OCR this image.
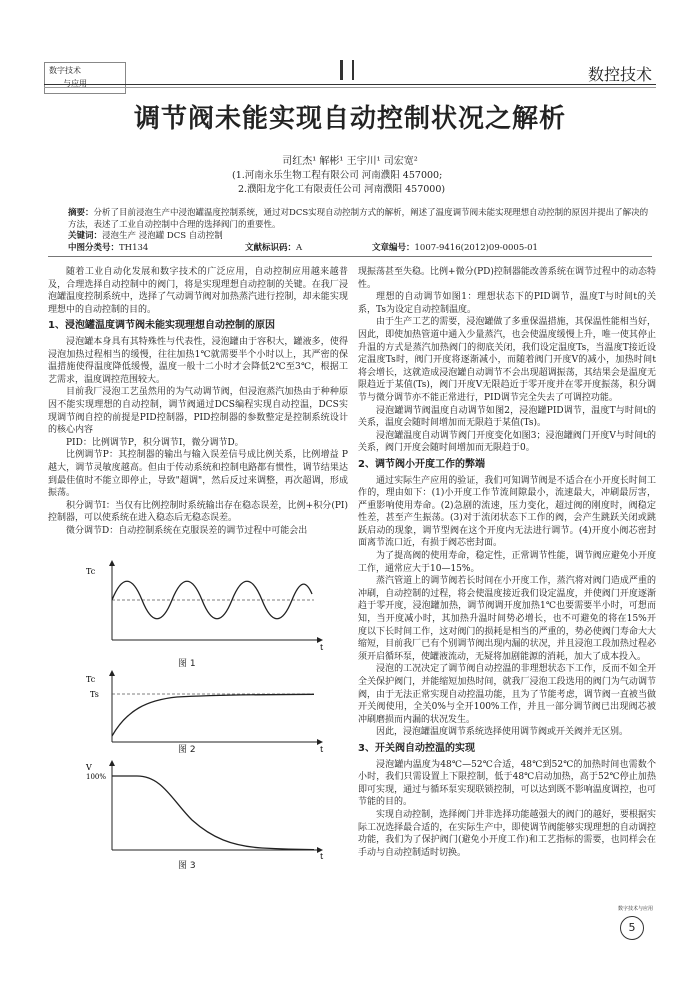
数字技术	数控技术
调节阀未能实现自动控制状况之解析
司红杰¹ 解彬¹ 王宇川¹ 司宏宽²
(1.河南永乐生物工程有限公司 河南濮阳 457000;
2.濮阳龙宇化工有限责任公司 河南濮阳 457000)
摘要：分析了目前浸泡生产中浸泡罐温度控制系统，通过对DCS实现自动控制方式的解析，阐述了温度调节阀未能实现理想自动控制的原因并提出了解决的方法，表述了工业自动控制中合理的选择阀门的重要性。
关键词：浸泡生产 浸泡罐 DCS 自动控制
中图分类号：TH134	文献标识码：A	文章编号：1007-9416(2012)09-0005-01

随着工业自动化发展和数字技术的广泛应用，自动控制应用越来越普及，合理选择自动控制中的阀门，将是实现理想自动控制的关键。在我厂浸泡罐温度控制系统中，选择了气动调节阀对加热蒸汽进行控制，却未能实现理想中的自动控制的目的。

1、浸泡罐温度调节阀未能实现理想自动控制的原因

浸泡罐本身具有其特殊性与代表性，浸泡罐由于容积大，罐液多，使得浸泡加热过程相当的缓慢，往往加热1℃就需要半个小时以上，其严密的保温措施使得温度降低缓慢，温度一般十二小时才会降低2℃至3℃，根据工艺需求，温度调控范围较大。

目前我厂浸泡工艺虽然用的为气动调节阀，但浸泡蒸汽加热由于种种原因不能实现理想的自动控制，调节阀通过DCS编程实现自动控温，DCS实现调节阀自控的前提是PID控制器，PID控制器的参数整定是控制系统设计的核心内容

PID：比例调节P，积分调节I，微分调节D。

比例调节P：其控制器的输出与输入误差信号成比例关系，比例增益 P 越大，调节灵敏度越高。但由于传动系统和控制电路都有惯性，调节结果达到最佳值时不能立即停止，导致"超调"，然后反过来调整，再次超调，形成振荡。

积分调节I：当仅有比例控制时系统输出存在稳态误差，比例+积分(PI)控制器，可以使系统在进入稳态后无稳态误差。

微分调节D：自动控制系统在克服误差的调节过程中可能会出

Tc
t
图 1
Tc
Ts
t
图 2
V
100%
t
图 3

现振荡甚至失稳。比例+微分(PD)控制器能改善系统在调节过程中的动态特性。

理想的自动调节如图1：理想状态下的PID调节，温度T与时间t的关系，Ts为设定自动控制温度。

由于生产工艺的需要，浸泡罐做了多重保温措施，其保温性能相当好，因此，即使加热管道中通入少量蒸汽，也会使温度缓慢上升，唯一使其停止升温的方式是蒸汽加热阀门的彻底关闭，我们设定温度Ts，当温度T接近设定温度Ts时，阀门开度将逐渐减小，而随着阀门开度V的减小，加热时间t将会增长，这就造成浸泡罐自动调节不会出现超调振荡，其结果会是温度无限趋近于某值(Ts)，阀门开度V无限趋近于零开度并在零开度振荡，积分调节与微分调节亦不能正常进行，PID调节完全失去了可调控功能。

浸泡罐调节阀温度自动调节如图2，浸泡罐PID调节，温度T与时间t的关系，温度会随时间增加而无限趋于某值(Ts)。

浸泡罐温度自动调节阀门开度变化如图3；浸泡罐阀门开度V与时间t的关系，阀门开度会随时间增加而无限趋于0。

2、调节阀小开度工作的弊端

通过实际生产应用的验证，我们可知调节阀是不适合在小开度长时间工作的，理由如下：(1)小开度工作节流间隙最小，流速最大，冲刷最厉害，严重影响使用寿命。(2)急剧的流速，压力变化，超过阀的刚度时，阀稳定性差，甚至产生振荡。(3)对于流闭状态下工作的阀，会产生跳跃关闭或跳跃启动的现象，调节型阀在这个开度内无法进行调节。(4)开度小阀芯密封面离节流口近，有损于阀芯密封面。

为了提高阀的使用寿命，稳定性，正常调节性能，调节阀应避免小开度工作，通常应大于10—15%。

蒸汽管道上的调节阀若长时间在小开度工作，蒸汽将对阀门造成严重的冲刷，自动控制的过程，将会使温度接近我们设定温度，并使阀门开度逐渐趋于零开度，浸泡罐加热，调节阀调开度加热1℃也要需要半小时，可想而知，当开度减小时，其加热升温时间势必增长，也不可避免的将在15%开度以下长时间工作，这对阀门的损耗是相当的严重的，势必使阀门寿命大大缩短，目前我厂已有个别调节阀出现内漏的状况，并且浸泡工段加热过程必须开启循环泵，使罐液流动，无疑将加剧能源的消耗，加大了成本投入。

浸泡的工况决定了调节阀自动控温的非理想状态下工作，反而不如全开全关保护阀门，并能缩短加热时间，就我厂浸泡工段选用的阀门为气动调节阀，由于无法正常实现自动控温功能，且为了节能考虑，调节阀一直被当做开关阀使用，全关0%与全开100%工作，并且一部分调节阀已出现阀芯被冲刷磨损而内漏的状况发生。

因此，浸泡罐温度调节系统选择使用调节阀或开关阀并无区别。

3、开关阀自动控温的实现

浸泡罐内温度为48℃—52℃合适，48℃到52℃的加热时间也需数个小时，我们只需设置上下限控制，低于48℃启动加热，高于52℃停止加热即可实现，通过与循环泵实现联锁控制，可以达到既不影响温度调控，也可节能的目的。

实现自动控制，选择阀门并非选择功能越强大的阀门的越好，要根据实际工况选择最合适的，在实际生产中，即使调节阀能够实现理想的自动调控功能，我们为了保护阀门(避免小开度工作)和工艺指标的需要，也同样会在手动与自动控制适时切换。

数字技术与应用
5
